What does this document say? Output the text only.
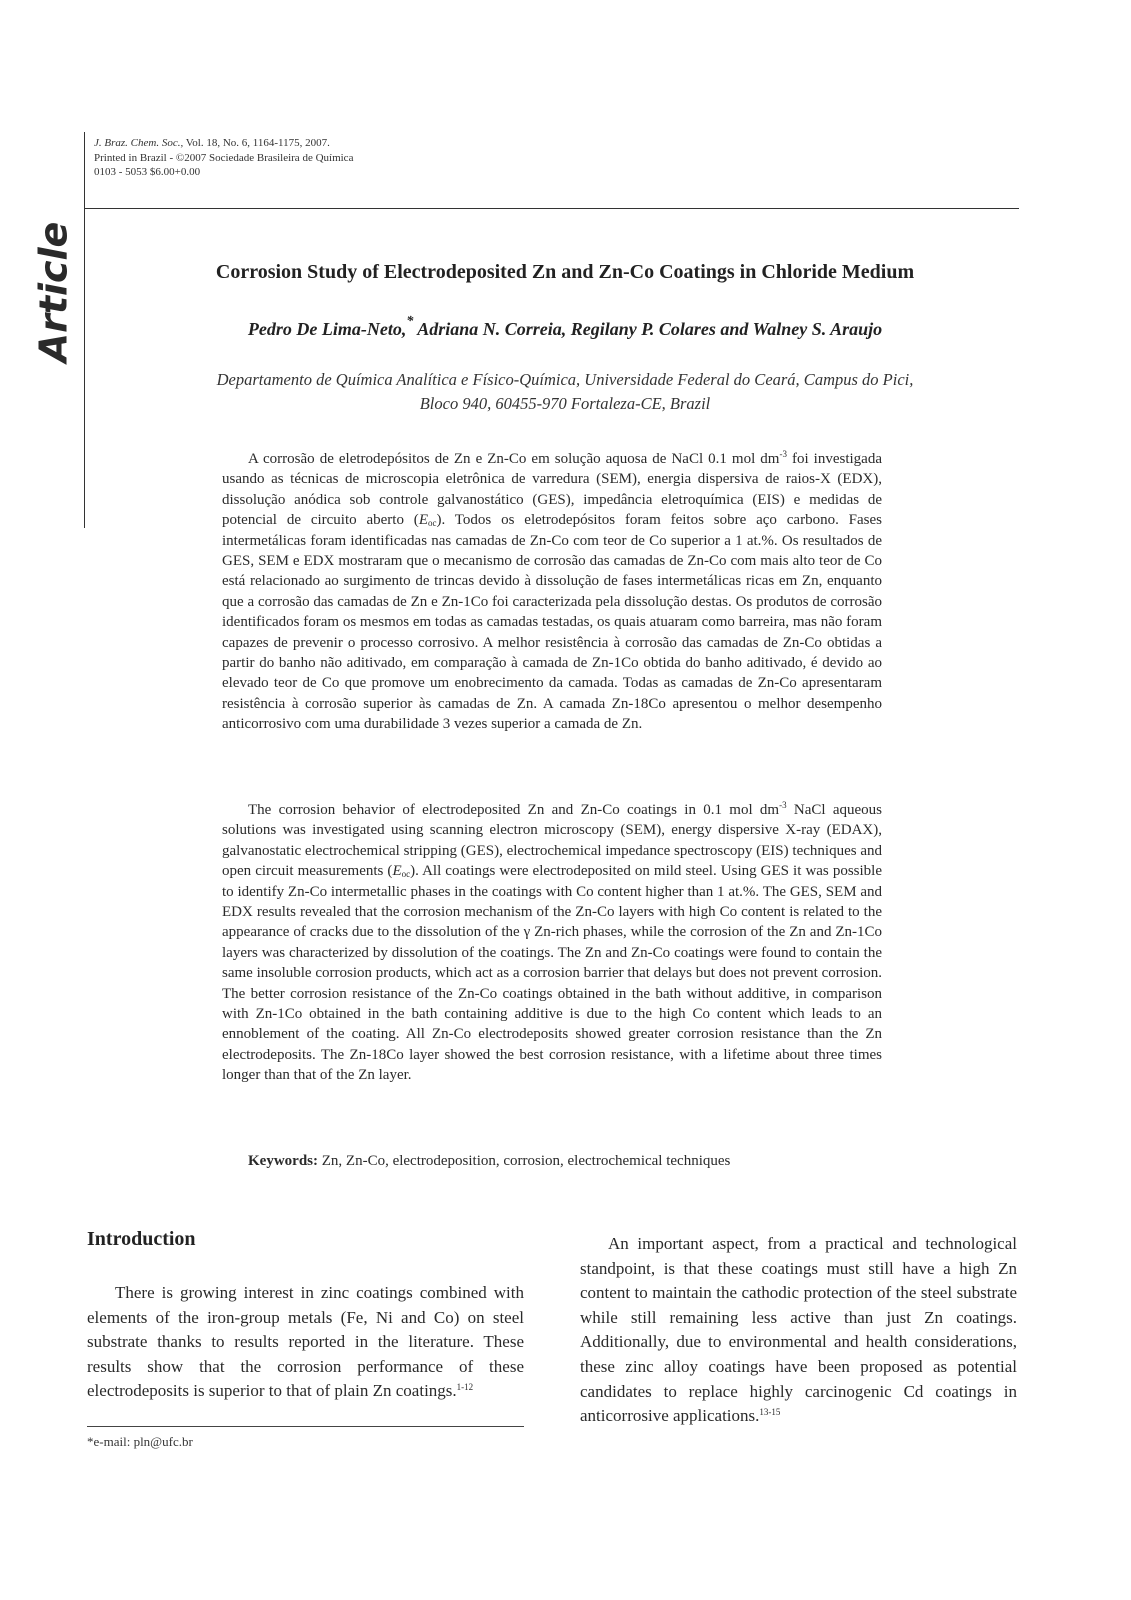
J. Braz. Chem. Soc., Vol. 18, No. 6, 1164-1175, 2007.
Printed in Brazil - ©2007 Sociedade Brasileira de Química
0103 - 5053 $6.00+0.00
Article	Corrosion Study of Electrodeposited Zn and Zn-Co Coatings in Chloride Medium
Pedro De Lima-Neto,* Adriana N. Correia, Regilany P. Colares and Walney S. Araujo
Departamento de Química Analítica e Físico-Química, Universidade Federal do Ceará, Campus do Pici,
Bloco 940, 60455-970 Fortaleza-CE, Brazil

A corrosão de eletrodepósitos de Zn e Zn-Co em solução aquosa de NaCl 0.1 mol $dm^{-3}$ foi investigada usando as técnicas de microscopia eletrônica de varredura (SEM), energia dispersiva de raios-X (EDX), dissolução anódica sob controle galvanostático (GES), impedância eletroquímica (EIS) e medidas de potencial de circuito aberto $(E_{oc})$. Todos os eletrodepósitos foram feitos sobre aço carbono. Fases intermetálicas foram identificadas nas camadas de Zn-Co com teor de Co superior a 1 at.%. Os resultados de GES, SEM e EDX mostraram que o mecanismo de corrosão das camadas de Zn-Co com mais alto teor de Co está relacionado ao surgimento de trincas devido à dissolução de fases intermetálicas ricas em Zn, enquanto que a corrosão das camadas de Zn e Zn-1Co foi caracterizada pela dissolução destas. Os produtos de corrosão identificados foram os mesmos em todas as camadas testadas, os quais atuaram como barreira, mas não foram capazes de prevenir o processo corrosivo. A melhor resistência à corrosão das camadas de Zn-Co obtidas a partir do banho não aditivado, em comparação à camada de Zn-1Co obtida do banho aditivado, é devido ao elevado teor de Co que promove um enobrecimento da camada. Todas as camadas de Zn-Co apresentaram resistência à corrosão superior às camadas de Zn. A camada Zn-18Co apresentou o melhor desempenho anticorrosivo com uma durabilidade 3 vezes superior a camada de Zn.

The corrosion behavior of electrodeposited Zn and Zn-Co coatings in 0.1 mol $dm^{-3}$ NaCl aqueous solutions was investigated using scanning electron microscopy (SEM), energy dispersive X-ray (EDAX), galvanostatic electrochemical stripping (GES), electrochemical impedance spectroscopy (EIS) techniques and open circuit measurements $(E_{oc})$. All coatings were electrodeposited on mild steel. Using GES it was possible to identify Zn-Co intermetallic phases in the coatings with Co content higher than 1 at.%. The GES, SEM and EDX results revealed that the corrosion mechanism of the Zn-Co layers with high Co content is related to the appearance of cracks due to the dissolution of the γ Zn-rich phases, while the corrosion of the Zn and Zn-1Co layers was characterized by dissolution of the coatings. The Zn and Zn-Co coatings were found to contain the same insoluble corrosion products, which act as a corrosion barrier that delays but does not prevent corrosion. The better corrosion resistance of the Zn-Co coatings obtained in the bath without additive, in comparison with Zn-1Co obtained in the bath containing additive is due to the high Co content which leads to an ennoblement of the coating. All Zn-Co electrodeposits showed greater corrosion resistance than the Zn electrodeposits. The Zn-18Co layer showed the best corrosion resistance, with a lifetime about three times longer than that of the Zn layer.

Keywords: Zn, Zn-Co, electrodeposition, corrosion, electrochemical techniques
Introduction

There is growing interest in zinc coatings combined with elements of the iron-group metals (Fe, Ni and Co) on steel substrate thanks to results reported in the literature. These results show that the corrosion performance of these electrodeposits is superior to that of plain Zn coatings.$^{1-12}$

An important aspect, from a practical and technological standpoint, is that these coatings must still have a high Zn content to maintain the cathodic protection of the steel substrate while still remaining less active than just Zn coatings. Additionally, due to environmental and health considerations, these zinc alloy coatings have been proposed as potential candidates to replace highly carcinogenic Cd coatings in anticorrosive applications.$^{13-15}$

*e-mail: pln@ufc.br
